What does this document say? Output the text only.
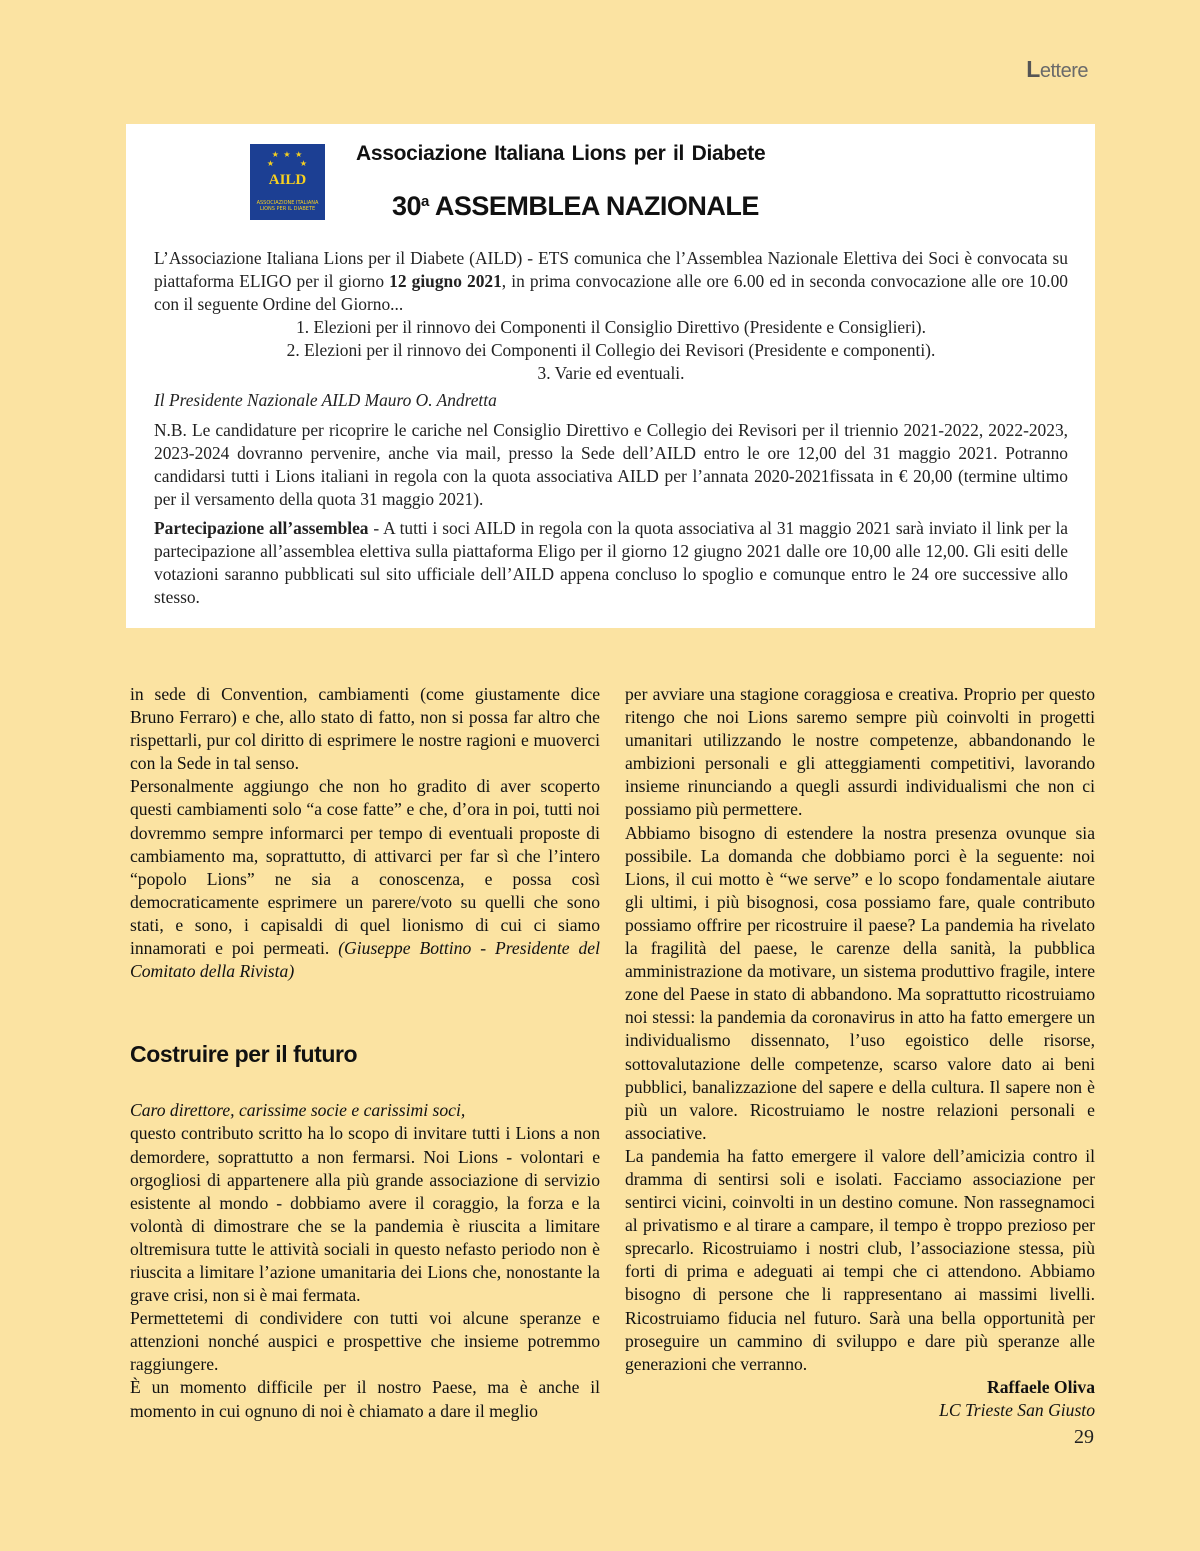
Lettere
★ ★ ★
★       ★
AILD
ASSOCIAZIONE ITALIANA LIONS PER IL DIABETE
Associazione Italiana Lions per il Diabete
30$^a$ ASSEMBLEA NAZIONALE

L’Associazione Italiana Lions per il Diabete (AILD) - ETS comunica che l’Assemblea Nazionale Elettiva dei Soci è convocata su piattaforma ELIGO per il giorno 12 giugno 2021, in prima convocazione alle ore 6.00 ed in seconda convocazione alle ore 10.00 con il seguente Ordine del Giorno...

1. Elezioni per il rinnovo dei Componenti il Consiglio Direttivo (Presidente e Consiglieri).
2. Elezioni per il rinnovo dei Componenti il Collegio dei Revisori (Presidente e componenti).
3. Varie ed eventuali.

Il Presidente Nazionale AILD Mauro O. Andretta

N.B. Le candidature per ricoprire le cariche nel Consiglio Direttivo e Collegio dei Revisori per il triennio 2021-2022, 2022-2023, 2023-2024 dovranno pervenire, anche via mail, presso la Sede dell’AILD entro le ore 12,00 del 31 maggio 2021. Potranno candidarsi tutti i Lions italiani in regola con la quota associativa AILD per l’annata 2020-2021fissata in € 20,00 (termine ultimo per il versamento della quota 31 maggio 2021).

Partecipazione all’assemblea - A tutti i soci AILD in regola con la quota associativa al 31 maggio 2021 sarà inviato il link per la partecipazione all’assemblea elettiva sulla piattaforma Eligo per il giorno 12 giugno 2021 dalle ore 10,00 alle 12,00. Gli esiti delle votazioni saranno pubblicati sul sito ufficiale dell’AILD appena concluso lo spoglio e comunque entro le 24 ore successive allo stesso.

in sede di Convention, cambiamenti (come giustamente dice Bruno Ferraro) e che, allo stato di fatto, non si possa far altro che rispettarli, pur col diritto di esprimere le nostre ragioni e muoverci con la Sede in tal senso.

Personalmente aggiungo che non ho gradito di aver scoperto questi cambiamenti solo “a cose fatte” e che, d’ora in poi, tutti noi dovremmo sempre informarci per tempo di eventuali proposte di cambiamento ma, soprattutto, di attivarci per far sì che l’intero “popolo Lions” ne sia a conoscenza, e possa così democraticamente esprimere un parere/voto su quelli che sono stati, e sono, i capisaldi di quel lionismo di cui ci siamo innamorati e poi permeati. (Giuseppe Bottino - Presidente del Comitato della Rivista)

Costruire per il futuro

Caro direttore, carissime socie e carissimi soci,

questo contributo scritto ha lo scopo di invitare tutti i Lions a non demordere, soprattutto a non fermarsi. Noi Lions - volontari e orgogliosi di appartenere alla più grande associazione di servizio esistente al mondo - dobbiamo avere il coraggio, la forza e la volontà di dimostrare che se la pandemia è riuscita a limitare oltremisura tutte le attività sociali in questo nefasto periodo non è riuscita a limitare l’azione umanitaria dei Lions che, nonostante la grave crisi, non si è mai fermata.

Permettetemi di condividere con tutti voi alcune speranze e attenzioni nonché auspici e prospettive che insieme potremmo raggiungere.

È un momento difficile per il nostro Paese, ma è anche il momento in cui ognuno di noi è chiamato a dare il meglio

per avviare una stagione coraggiosa e creativa. Proprio per questo ritengo che noi Lions saremo sempre più coinvolti in progetti umanitari utilizzando le nostre competenze, abbandonando le ambizioni personali e gli atteggiamenti competitivi, lavorando insieme rinunciando a quegli assurdi individualismi che non ci possiamo più permettere.

Abbiamo bisogno di estendere la nostra presenza ovunque sia possibile. La domanda che dobbiamo porci è la seguente: noi Lions, il cui motto è “we serve” e lo scopo fondamentale aiutare gli ultimi, i più bisognosi, cosa possiamo fare, quale contributo possiamo offrire per ricostruire il paese? La pandemia ha rivelato la fragilità del paese, le carenze della sanità, la pubblica amministrazione da motivare, un sistema produttivo fragile, intere zone del Paese in stato di abbandono. Ma soprattutto ricostruiamo noi stessi: la pandemia da coronavirus in atto ha fatto emergere un individualismo dissennato, l’uso egoistico delle risorse, sottovalutazione delle competenze, scarso valore dato ai beni pubblici, banalizzazione del sapere e della cultura. Il sapere non è più un valore. Ricostruiamo le nostre relazioni personali e associative.

La pandemia ha fatto emergere il valore dell’amicizia contro il dramma di sentirsi soli e isolati. Facciamo associazione per sentirci vicini, coinvolti in un destino comune. Non rassegnamoci al privatismo e al tirare a campare, il tempo è troppo prezioso per sprecarlo. Ricostruiamo i nostri club, l’associazione stessa, più forti di prima e adeguati ai tempi che ci attendono. Abbiamo bisogno di persone che li rappresentano ai massimi livelli. Ricostruiamo fiducia nel futuro. Sarà una bella opportunità per proseguire un cammino di sviluppo e dare più speranze alle generazioni che verranno.

Raffaele Oliva

LC Trieste San Giusto

29
